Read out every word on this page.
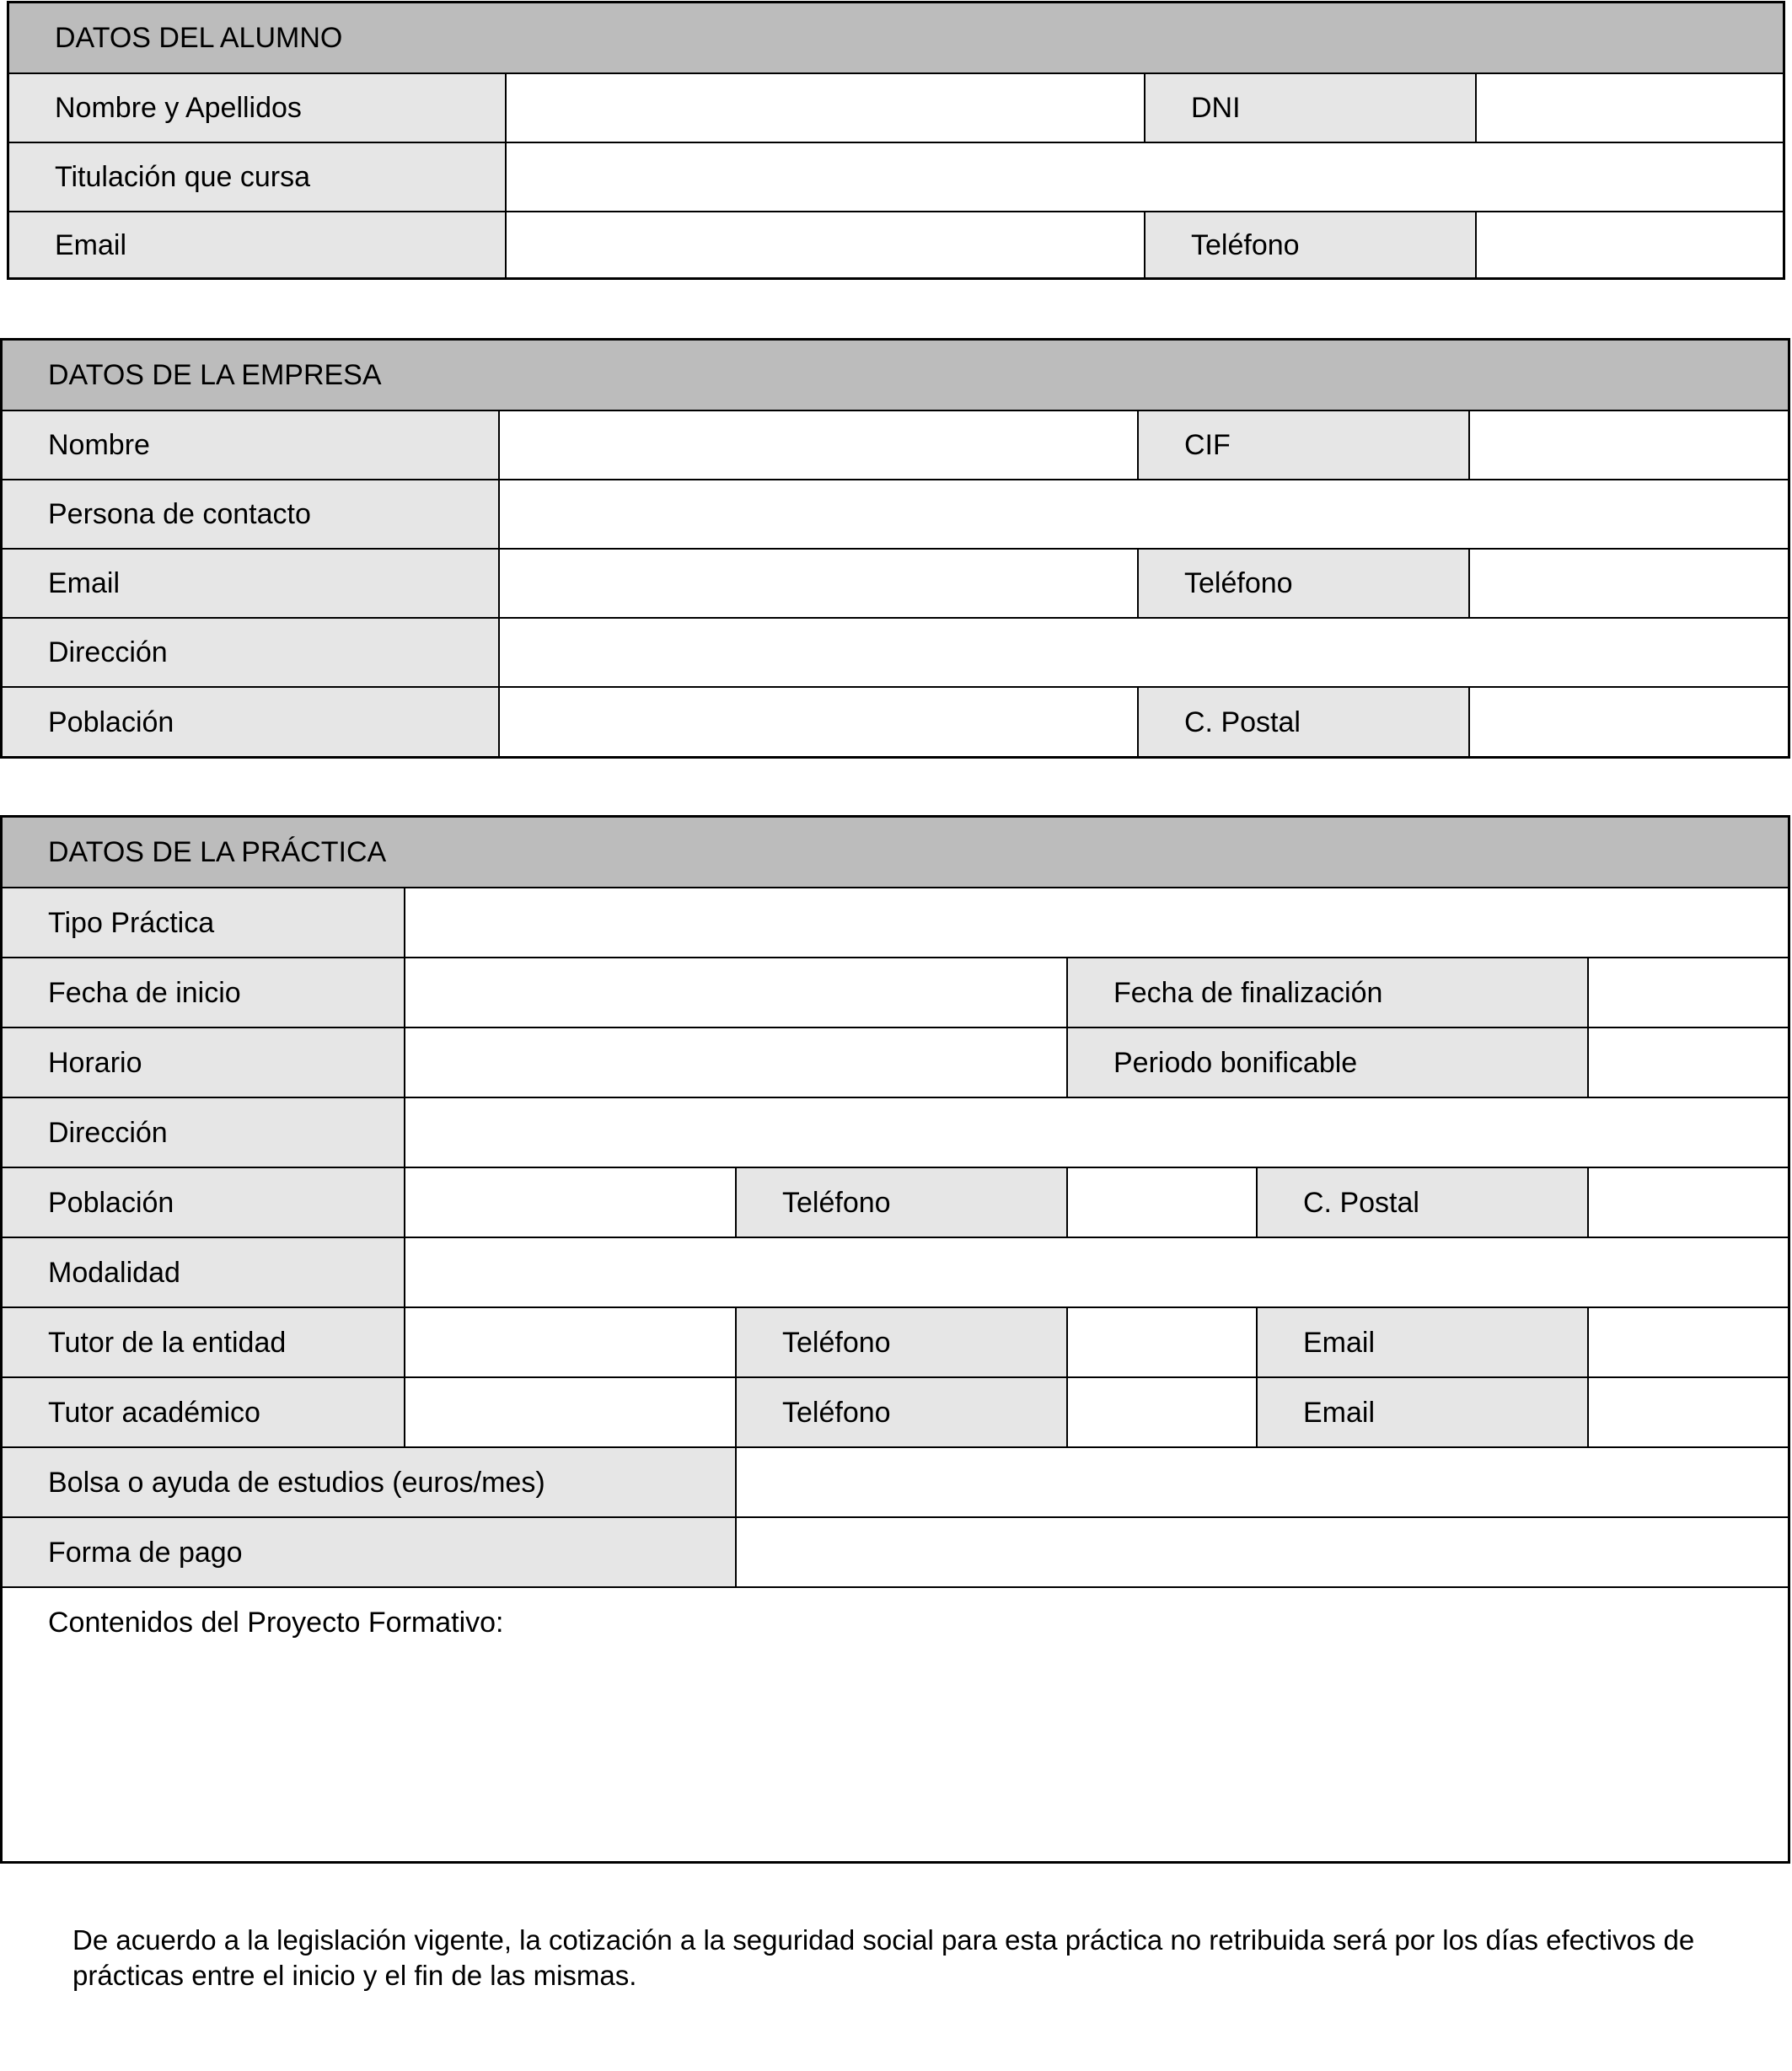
DATOS DEL ALUMNO
Nombre y Apellidos	DNI
Titulación que cursa
Email	Teléfono
DATOS DE LA EMPRESA
Nombre	CIF
Persona de contacto
Email	Teléfono
Dirección
Población	C. Postal
DATOS DE LA PRÁCTICA
Tipo Práctica
Fecha de inicio	Fecha de finalización
Horario	Periodo bonificable
Dirección
Población	Teléfono	C. Postal
Modalidad
Tutor de la entidad	Teléfono	Email
Tutor académico	Teléfono	Email
Bolsa o ayuda de estudios (euros/mes)
Forma de pago
Contenidos del Proyecto Formativo:
De acuerdo a la legislación vigente, la cotización a la seguridad social para esta práctica no retribuida será por los días efectivos de prácticas entre el inicio y el fin de las mismas.
